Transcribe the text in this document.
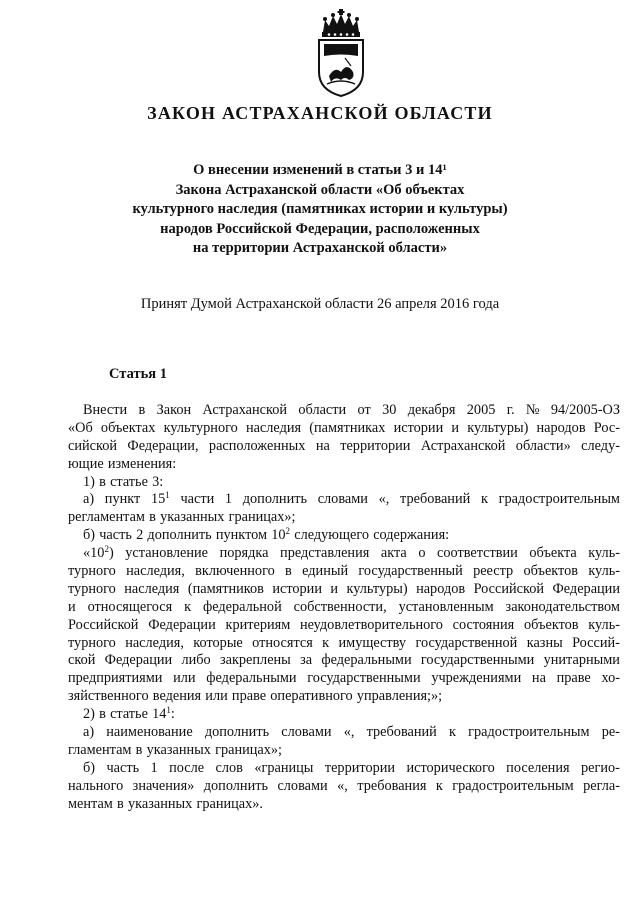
ЗАКОН АСТРАХАНСКОЙ ОБЛАСТИ
О внесении изменений в статьи 3 и 14¹
Закона Астраханской области «Об объектах
культурного наследия (памятниках истории и культуры)
народов Российской Федерации, расположенных
на территории Астраханской области»
Принят Думой Астраханской области 26 апреля 2016 года
Статья 1
Внести в Закон Астраханской области от 30 декабря 2005 г. № 94/2005-ОЗ
«Об объектах культурного наследия (памятниках истории и культуры) народов Рос-
сийской Федерации, расположенных на территории Астраханской области» следу-
ющие изменения:
1) в статье 3:
а) пункт $15^1$ части 1 дополнить словами «, требований к градостроительным
регламентам в указанных границах»;
б) часть 2 дополнить пунктом $10^2$ следующего содержания:
«$10^2$) установление порядка представления акта о соответствии объекта куль-
турного наследия, включенного в единый государственный реестр объектов куль-
турного наследия (памятников истории и культуры) народов Российской Федерации
и относящегося к федеральной собственности, установленным законодательством
Российской Федерации критериям неудовлетворительного состояния объектов куль-
турного наследия, которые относятся к имуществу государственной казны Россий-
ской Федерации либо закреплены за федеральными государственными унитарными
предприятиями или федеральными государственными учреждениями на праве хо-
зяйственного ведения или праве оперативного управления;»;
2) в статье $14^1$:
а) наименование дополнить словами «, требований к градостроительным ре-
гламентам в указанных границах»;
б) часть 1 после слов «границы территории исторического поселения регио-
нального значения» дополнить словами «, требования к градостроительным регла-
ментам в указанных границах».
